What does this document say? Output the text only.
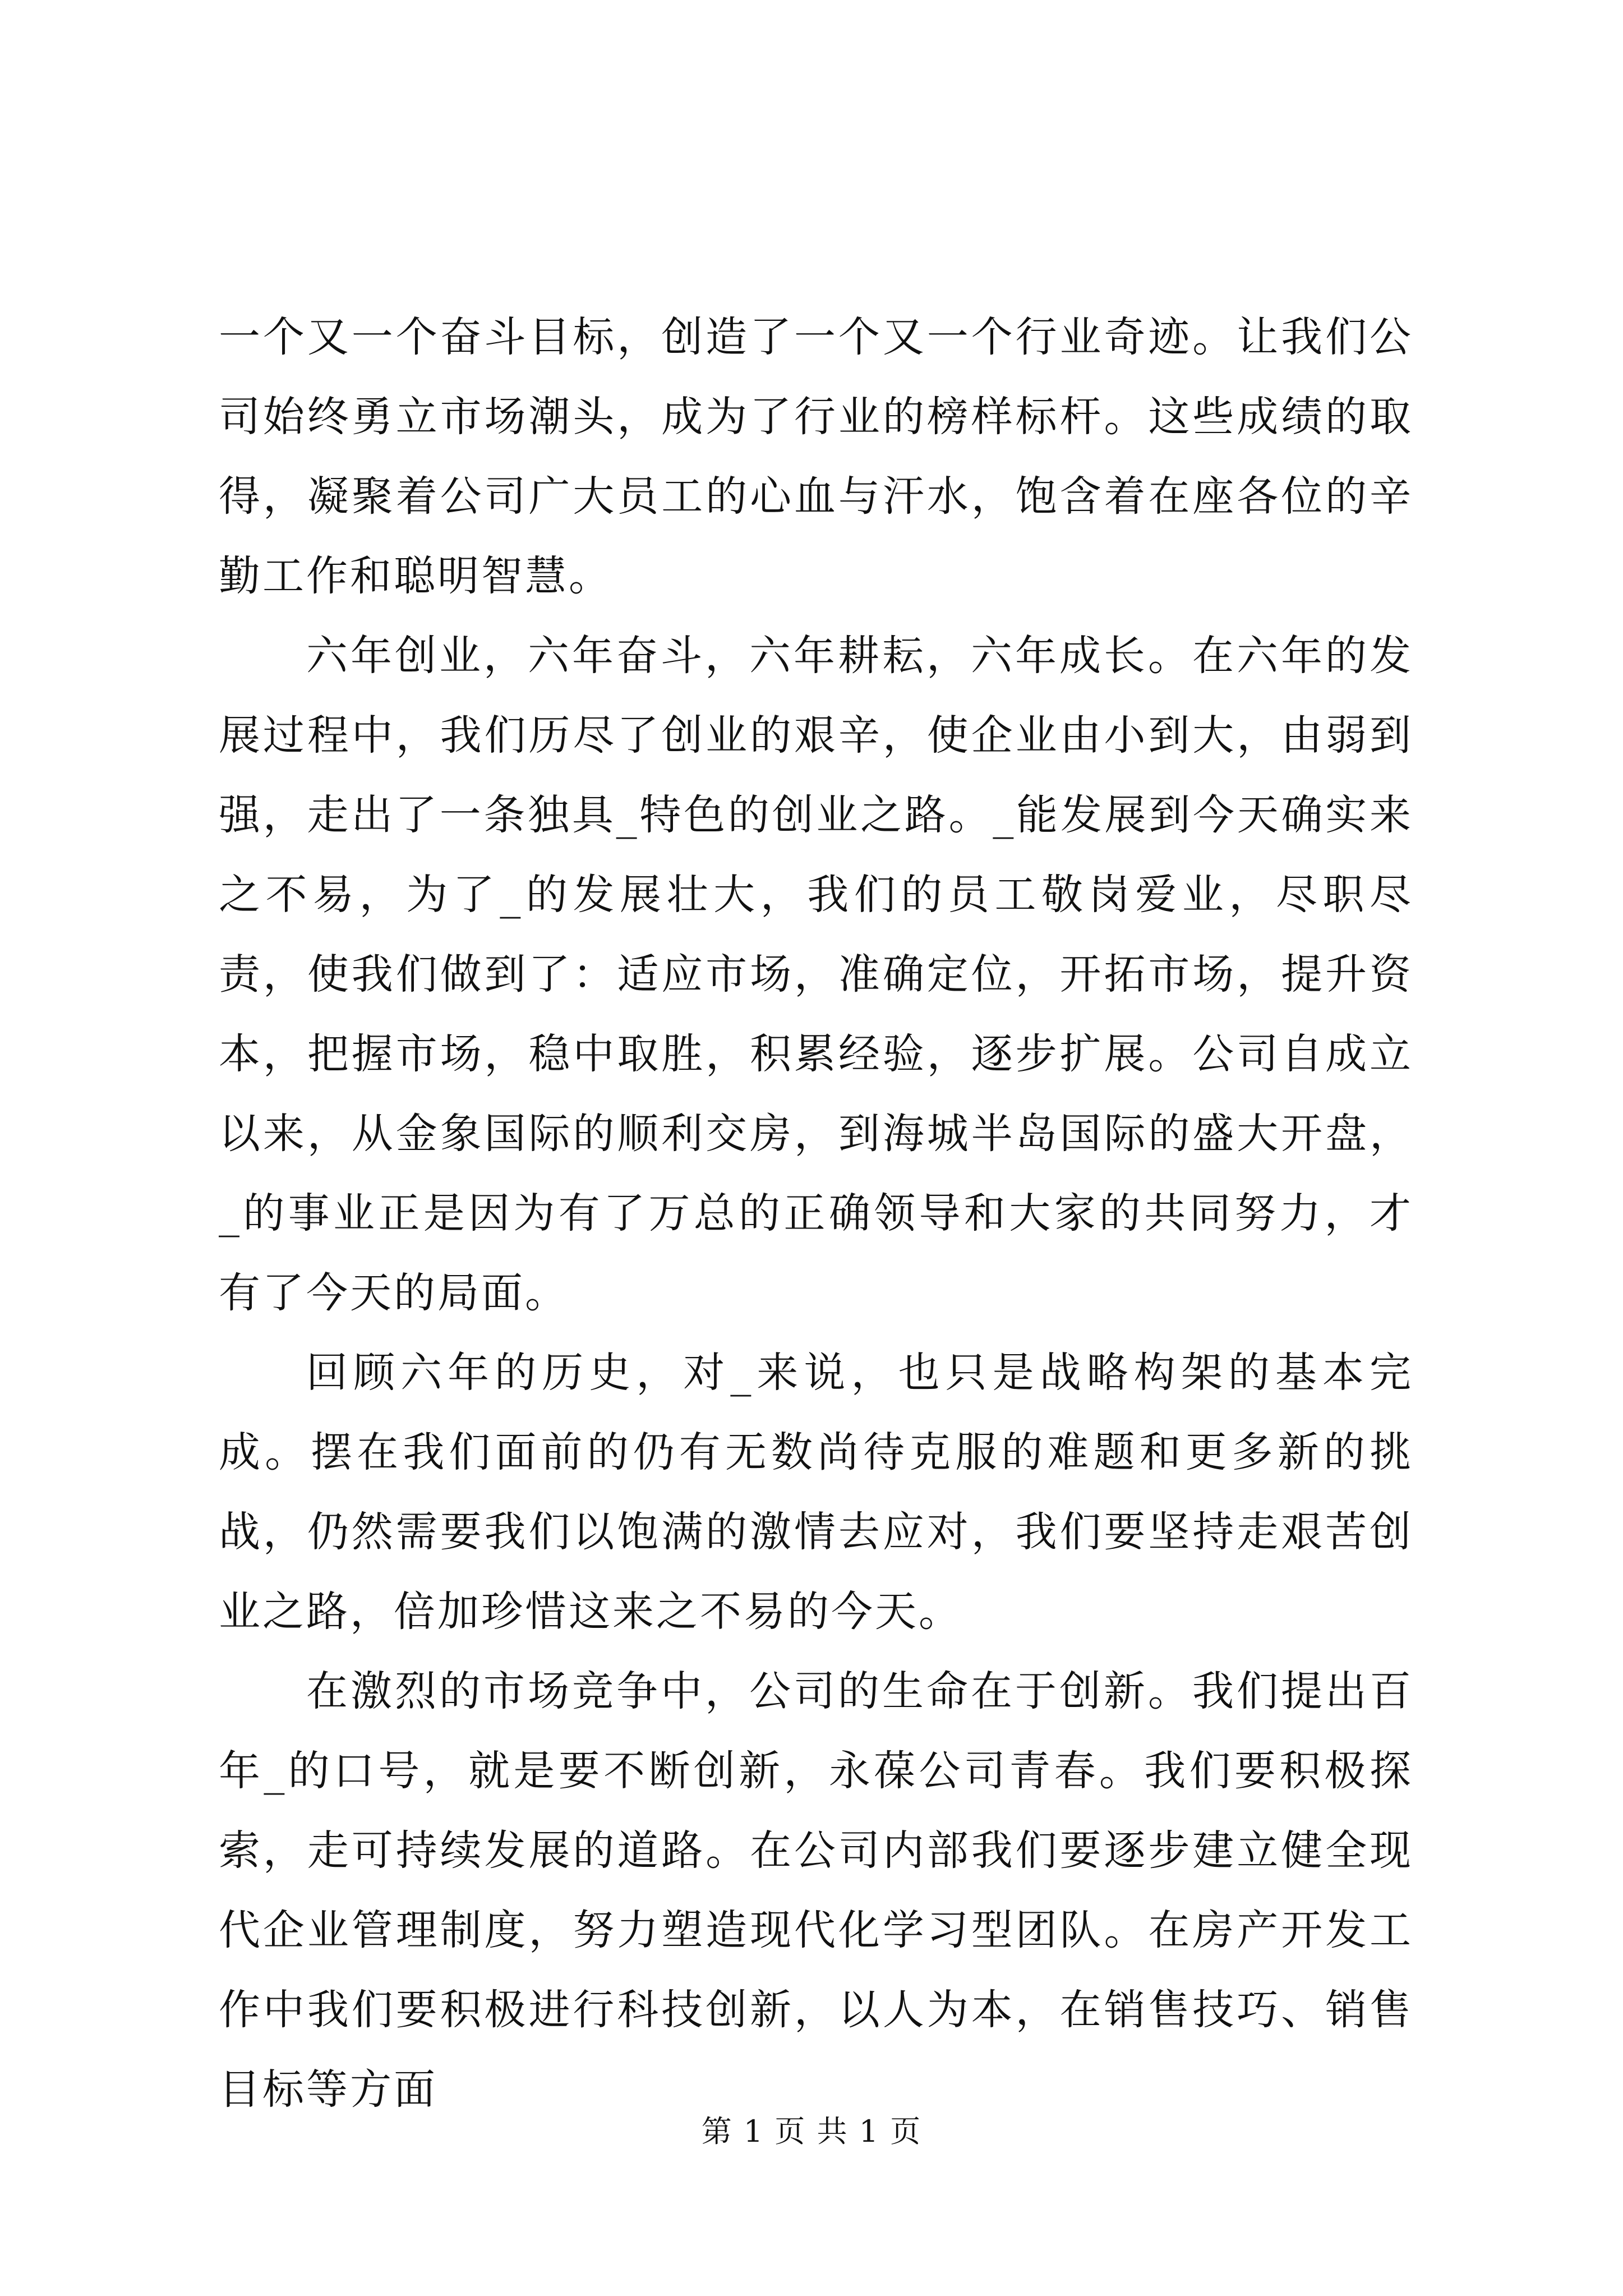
一个又一个奋斗目标，创造了一个又一个行业奇迹。让我们公司始终勇立市场潮头，成为了行业的榜样标杆。这些成绩的取得，凝聚着公司广大员工的心血与汗水，饱含着在座各位的辛勤工作和聪明智慧。

六年创业，六年奋斗，六年耕耘，六年成长。在六年的发展过程中，我们历尽了创业的艰辛，使企业由小到大，由弱到强，走出了一条独具_特色的创业之路。_能发展到今天确实来之不易，为了_的发展壮大，我们的员工敬岗爱业，尽职尽责，使我们做到了：适应市场，准确定位，开拓市场，提升资本，把握市场，稳中取胜，积累经验，逐步扩展。公司自成立以来，从金象国际的顺利交房，到海城半岛国际的盛大开盘，_的事业正是因为有了万总的正确领导和大家的共同努力，才有了今天的局面。

回顾六年的历史，对_来说，也只是战略构架的基本完成。摆在我们面前的仍有无数尚待克服的难题和更多新的挑战，仍然需要我们以饱满的激情去应对，我们要坚持走艰苦创业之路，倍加珍惜这来之不易的今天。

在激烈的市场竞争中，公司的生命在于创新。我们提出百年_的口号，就是要不断创新，永葆公司青春。我们要积极探索，走可持续发展的道路。在公司内部我们要逐步建立健全现代企业管理制度，努力塑造现代化学习型团队。在房产开发工作中我们要积极进行科技创新，以人为本，在销售技巧、销售目标等方面

第 1 页 共 1 页
